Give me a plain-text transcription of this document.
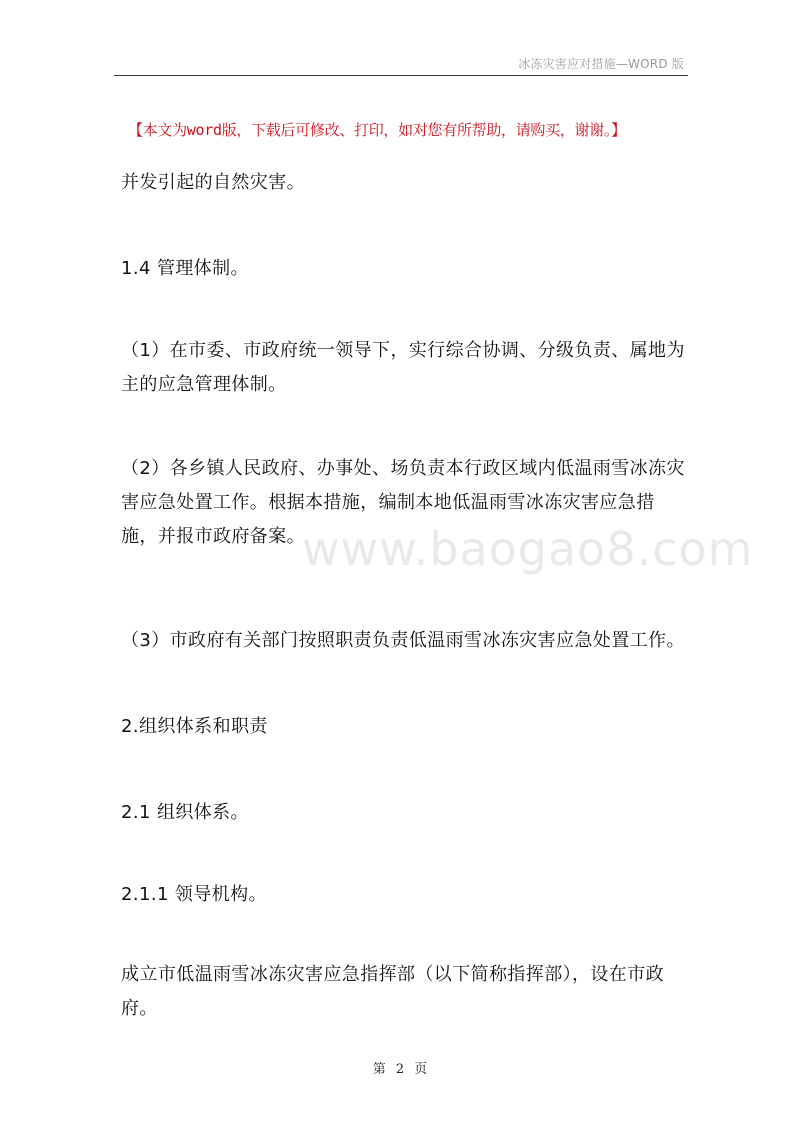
冰冻灾害应对措施—WORD 版
【本文为word版，下载后可修改、打印，如对您有所帮助，请购买，谢谢。】
并发引起的自然灾害。
1.4 管理体制。
（1）在市委、市政府统一领导下，实行综合协调、分级负责、属地为主的应急管理体制。
（2）各乡镇人民政府、办事处、场负责本行政区域内低温雨雪冰冻灾害应急处置工作。根据本措施，编制本地低温雨雪冰冻灾害应急措施，并报市政府备案。
（3）市政府有关部门按照职责负责低温雨雪冰冻灾害应急处置工作。
2.组织体系和职责
2.1 组织体系。
2.1.1 领导机构。
成立市低温雨雪冰冻灾害应急指挥部（以下简称指挥部），设在市政府。
www.baogao8.com
第 2 页
